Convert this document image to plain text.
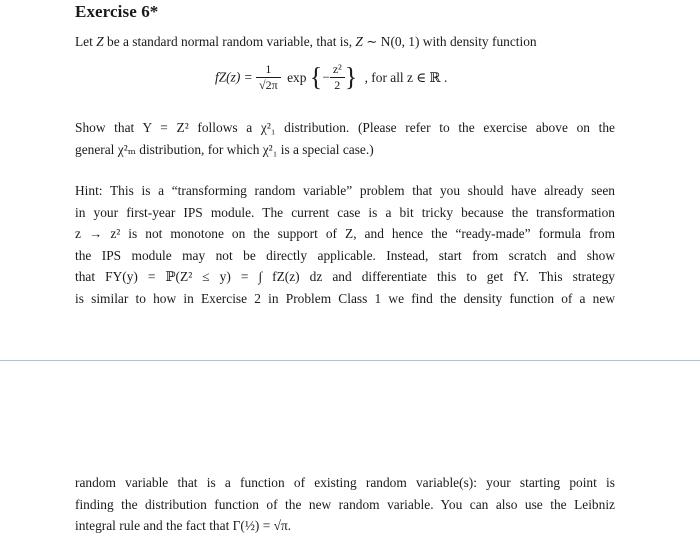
Exercise 6*
Let Z be a standard normal random variable, that is, Z ∼ N(0, 1) with density function
$fZ(z) = \frac{1}{√2\pi}$ exp {− $\frac{\text{z²}}{2}$ } , for all z ∈ ℝ .
Show that Y = Z² follows a χ²₁ distribution. (Please refer to the exercise above on the
general χ²ₘ distribution, for which χ²₁ is a special case.)
Hint: This is a “transforming random variable” problem that you should have already seen
in your first-year IPS module. The current case is a bit tricky because the transformation
z → z² is not monotone on the support of Z, and hence the “ready-made” formula from
the IPS module may not be directly applicable. Instead, start from scratch and show
that FY(y) = ℙ(Z² ≤ y) = ∫ fZ(z) dz and differentiate this to get fY. This strategy
is similar to how in Exercise 2 in Problem Class 1 we find the density function of a new
random variable that is a function of existing random variable(s): your starting point is
finding the distribution function of the new random variable. You can also use the Leibniz
integral rule and the fact that Γ(½) = √π.
